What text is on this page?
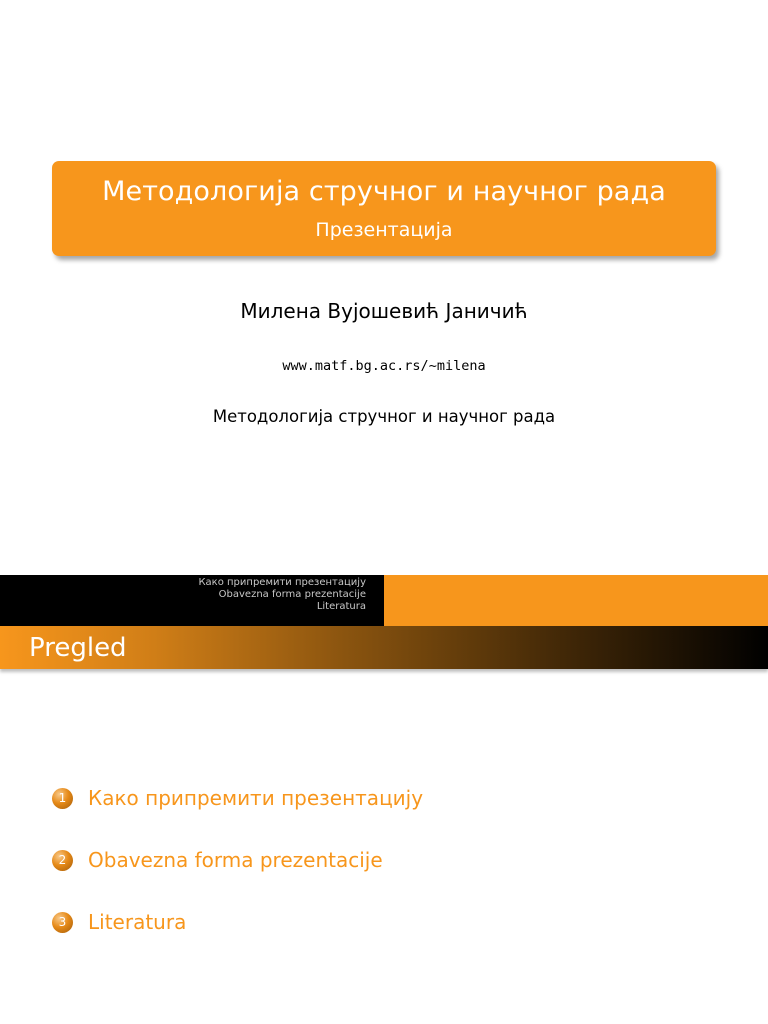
Методологија стручног и научног рада
Презентација
Милена Вујошевић Јаничић
www.matf.bg.ac.rs/~milena
Методологија стручног и научног рада
Како припремити презентацију
Obavezna forma prezentacije
Literatura
Pregled
1	Како припремити презентацију
2	Obavezna forma prezentacije
3	Literatura
